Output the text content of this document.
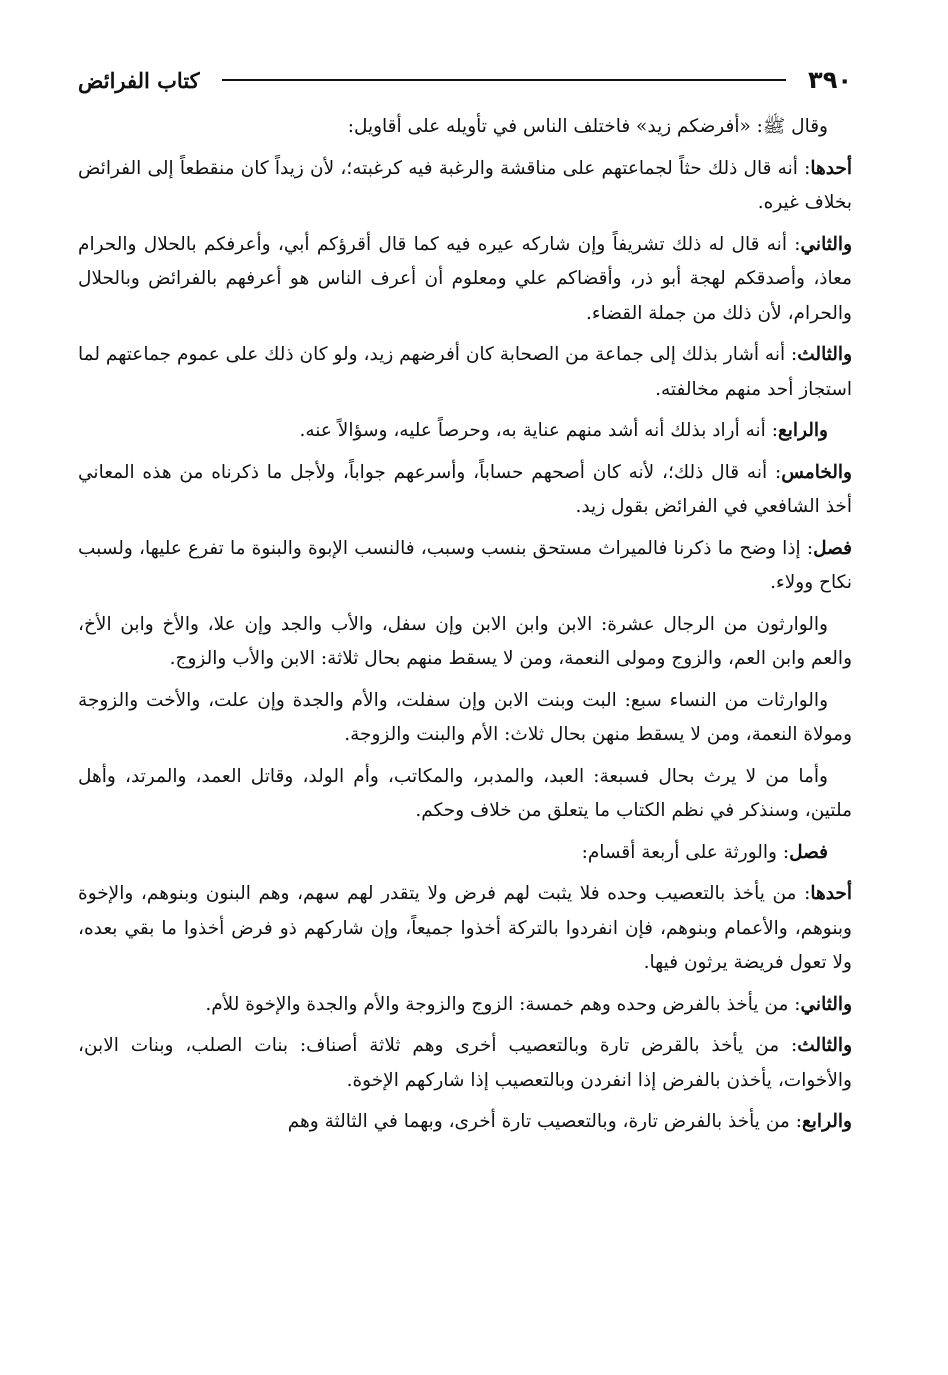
٣٩٠
كتاب الفرائض

وقال ﷺ: «أفرضكم زيد» فاختلف الناس في تأويله على أقاويل:

أحدها: أنه قال ذلك حثاً لجماعتهم على مناقشة والرغبة فيه كرغبته؛، لأن زيداً كان منقطعاً إلى الفرائض بخلاف غيره.

والثاني: أنه قال له ذلك تشريفاً وإن شاركه عيره فيه كما قال أقرؤكم أبي، وأعرفكم بالحلال والحرام معاذ، وأصدقكم لهجة أبو ذر، وأقضاكم علي ومعلوم أن أعرف الناس هو أعرفهم بالفرائض وبالحلال والحرام، لأن ذلك من جملة القضاء.

والثالث: أنه أشار بذلك إلى جماعة من الصحابة كان أفرضهم زيد، ولو كان ذلك على عموم جماعتهم لما استجاز أحد منهم مخالفته.

والرابع: أنه أراد بذلك أنه أشد منهم عناية به، وحرصاً عليه، وسؤالاً عنه.

والخامس: أنه قال ذلك؛، لأنه كان أصحهم حساباً، وأسرعهم جواباً، ولأجل ما ذكرناه من هذه المعاني أخذ الشافعي في الفرائض بقول زيد.

فصل: إذا وضح ما ذكرنا فالميراث مستحق بنسب وسبب، فالنسب الإبوة والبنوة ما تفرع عليها، ولسبب نكاح وولاء.

والوارثون من الرجال عشرة: الابن وابن الابن وإن سفل، والأب والجد وإن علا، والأخ وابن الأخ، والعم وابن العم، والزوج ومولى النعمة، ومن لا يسقط منهم بحال ثلاثة: الابن والأب والزوج.

والوارثات من النساء سبع: البت وبنت الابن وإن سفلت، والأم والجدة وإن علت، والأخت والزوجة ومولاة النعمة، ومن لا يسقط منهن بحال ثلاث: الأم والبنت والزوجة.

وأما من لا يرث بحال فسبعة: العبد، والمدبر، والمكاتب، وأم الولد، وقاتل العمد، والمرتد، وأهل ملتين، وسنذكر في نظم الكتاب ما يتعلق من خلاف وحكم.

فصل: والورثة على أربعة أقسام:

أحدها: من يأخذ بالتعصيب وحده فلا يثبت لهم فرض ولا يتقدر لهم سهم، وهم البنون وبنوهم، والإخوة وبنوهم، والأعمام وبنوهم، فإن انفردوا بالتركة أخذوا جميعاً، وإن شاركهم ذو فرض أخذوا ما بقي بعده، ولا تعول فريضة يرثون فيها.

والثاني: من يأخذ بالفرض وحده وهم خمسة: الزوج والزوجة والأم والجدة والإخوة للأم.

والثالث: من يأخذ بالقرض تارة وبالتعصيب أخرى وهم ثلاثة أصناف: بنات الصلب، وبنات الابن، والأخوات، يأخذن بالفرض إذا انفردن وبالتعصيب إذا شاركهم الإخوة.

والرابع: من يأخذ بالفرض تارة، وبالتعصيب تارة أخرى، وبهما في الثالثة وهم
